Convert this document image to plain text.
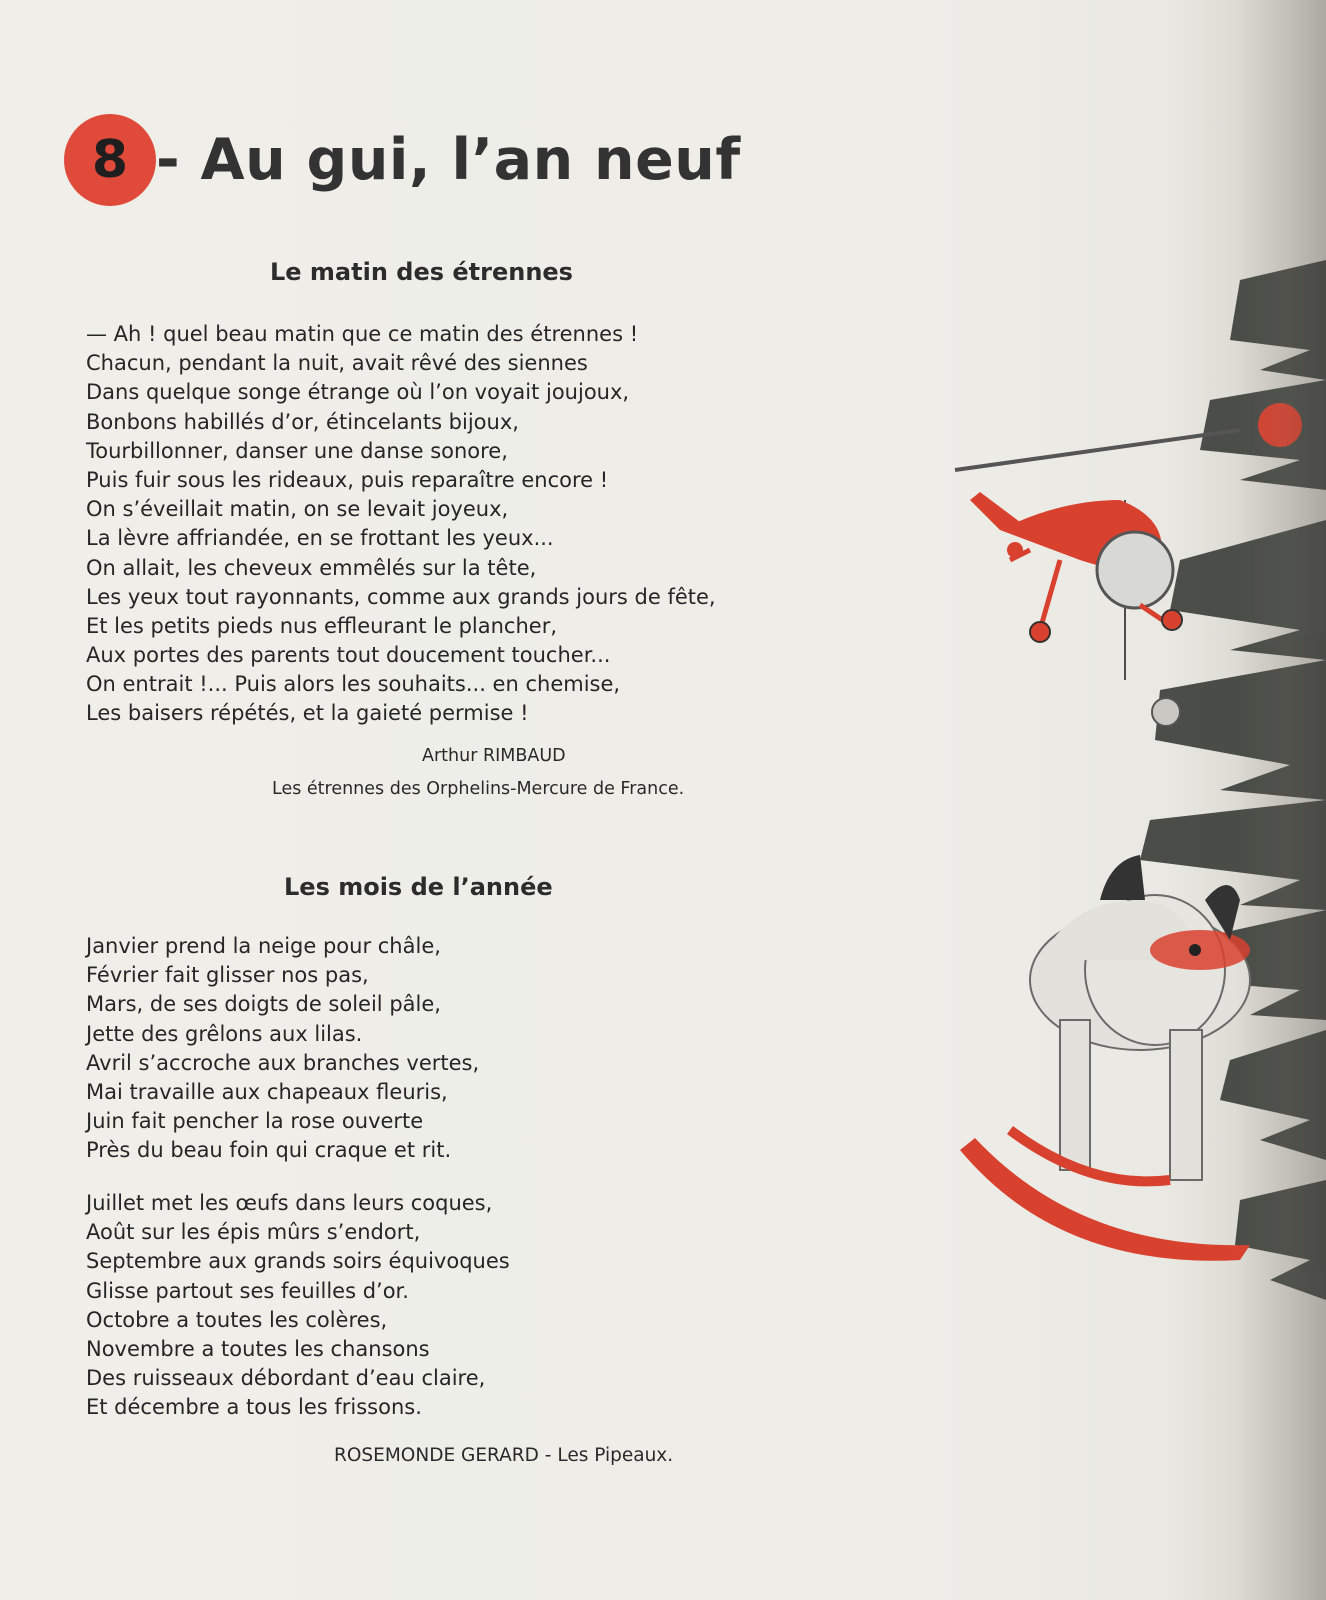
8 - Au gui, l’an neuf
Le matin des étrennes
— Ah ! quel beau matin que ce matin des étrennes !
Chacun, pendant la nuit, avait rêvé des siennes
Dans quelque songe étrange où l’on voyait joujoux,
Bonbons habillés d’or, étincelants bijoux,
Tourbillonner, danser une danse sonore,
Puis fuir sous les rideaux, puis reparaître encore !
On s’éveillait matin, on se levait joyeux,
La lèvre affriandée, en se frottant les yeux...
On allait, les cheveux emmêlés sur la tête,
Les yeux tout rayonnants, comme aux grands jours de fête,
Et les petits pieds nus effleurant le plancher,
Aux portes des parents tout doucement toucher...
On entrait !... Puis alors les souhaits... en chemise,
Les baisers répétés, et la gaieté permise !
Arthur RIMBAUD
Les étrennes des Orphelins-Mercure de France.
Les mois de l’année
Janvier prend la neige pour châle,
Février fait glisser nos pas,
Mars, de ses doigts de soleil pâle,
Jette des grêlons aux lilas.
Avril s’accroche aux branches vertes,
Mai travaille aux chapeaux fleuris,
Juin fait pencher la rose ouverte
Près du beau foin qui craque et rit.
Juillet met les œufs dans leurs coques,
Août sur les épis mûrs s’endort,
Septembre aux grands soirs équivoques
Glisse partout ses feuilles d’or.
Octobre a toutes les colères,
Novembre a toutes les chansons
Des ruisseaux débordant d’eau claire,
Et décembre a tous les frissons.
ROSEMONDE GERARD - Les Pipeaux.
